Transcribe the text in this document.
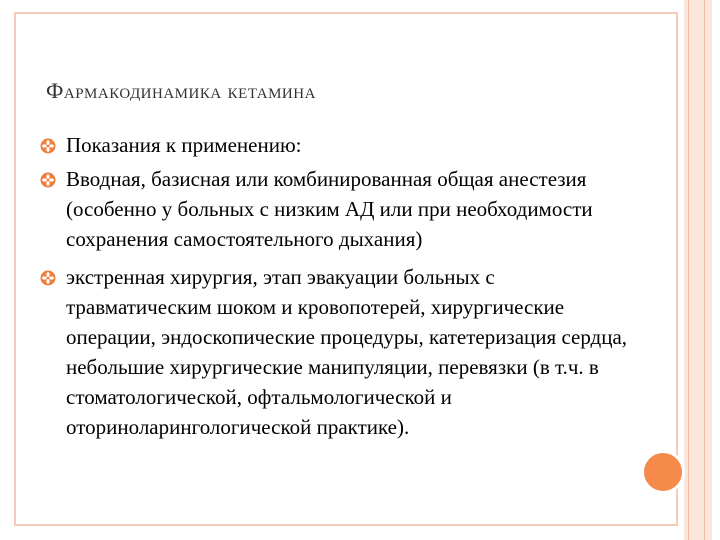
Фармакодинамика кетамина
Показания к применению:
Вводная, базисная или комбинированная общая анестезия (особенно у больных с низким АД или при необходимости сохранения самостоятельного дыхания)
экстренная хирургия, этап эвакуации больных с травматическим шоком и кровопотерей, хирургические операции, эндоскопические процедуры, катетеризация сердца, небольшие хирургические манипуляции, перевязки (в т.ч. в стоматологической, офтальмологической и оториноларингологической практике).
